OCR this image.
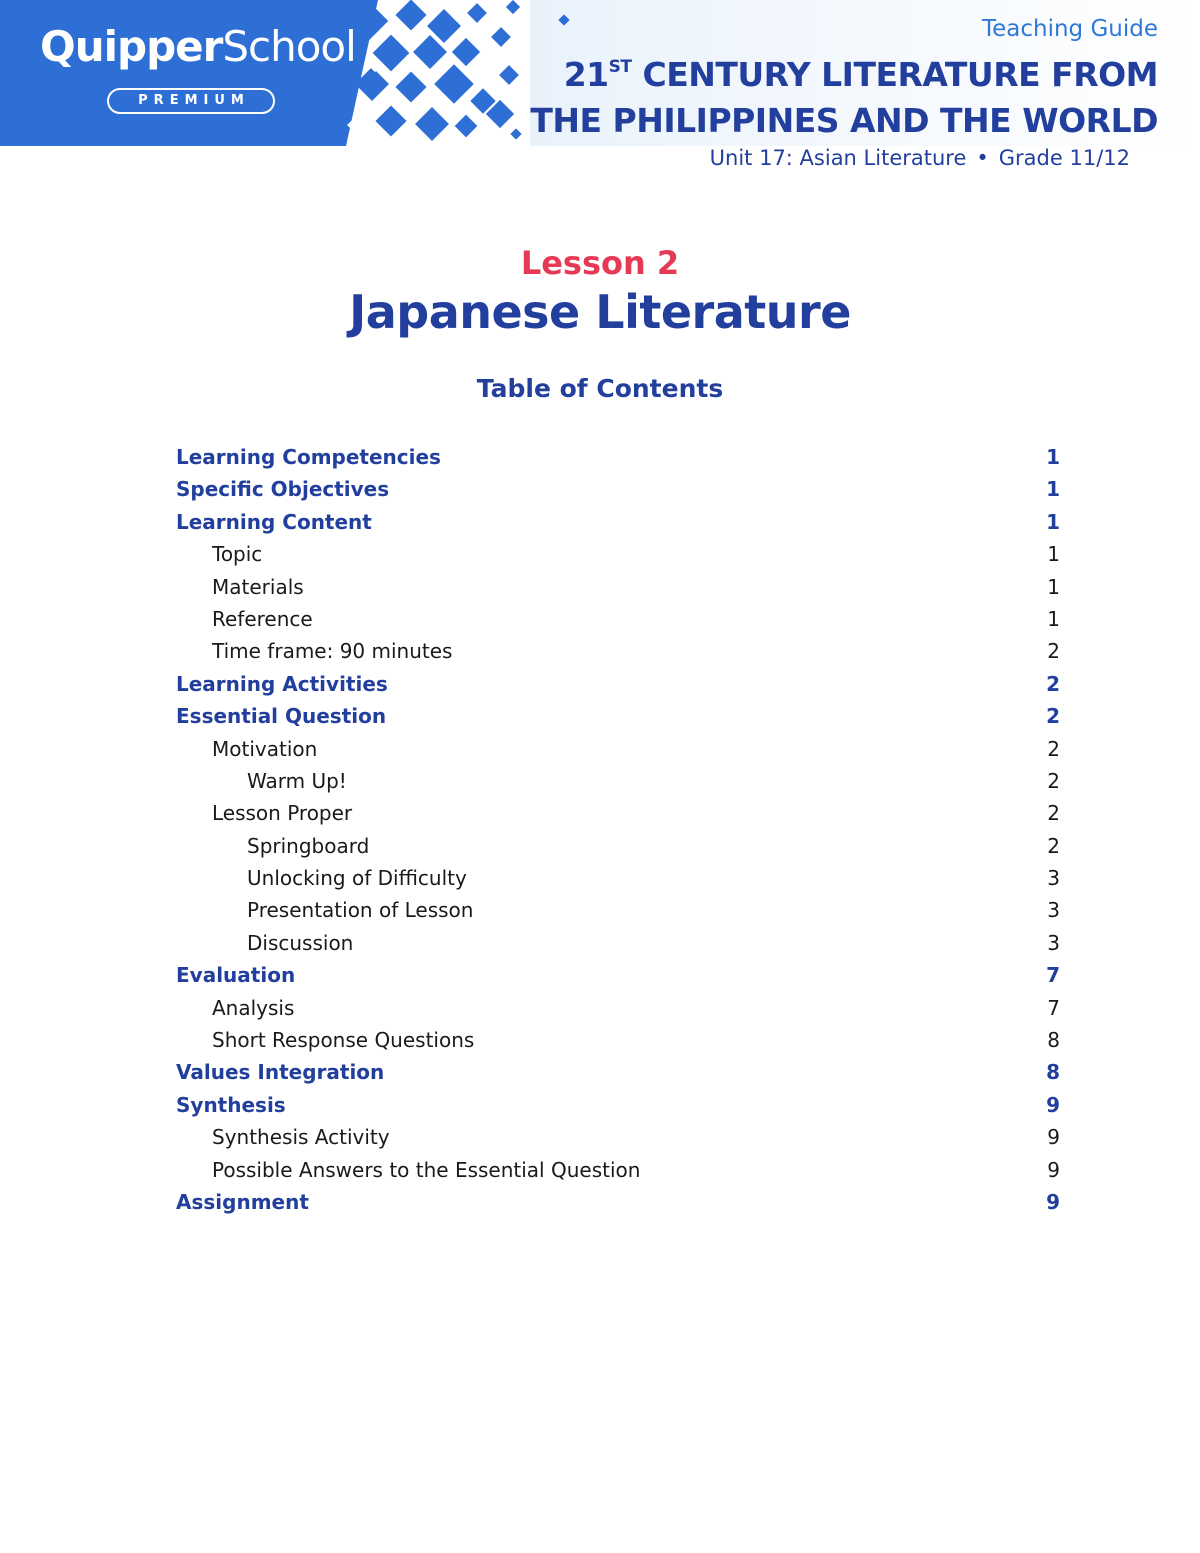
QuipperSchool
PREMIUM
Teaching Guide
21ST CENTURY LITERATURE FROM
THE PHILIPPINES AND THE WORLD
Unit 17: Asian Literature • Grade 11/12
Lesson 2
Japanese Literature
Table of Contents
Learning Competencies	1
Specific Objectives	1
Learning Content	1
Topic	1
Materials	1
Reference	1
Time frame: 90 minutes	2
Learning Activities	2
Essential Question	2
Motivation	2
Warm Up!	2
Lesson Proper	2
Springboard	2
Unlocking of Difficulty	3
Presentation of Lesson	3
Discussion	3
Evaluation	7
Analysis	7
Short Response Questions	8
Values Integration	8
Synthesis	9
Synthesis Activity	9
Possible Answers to the Essential Question	9
Assignment	9
